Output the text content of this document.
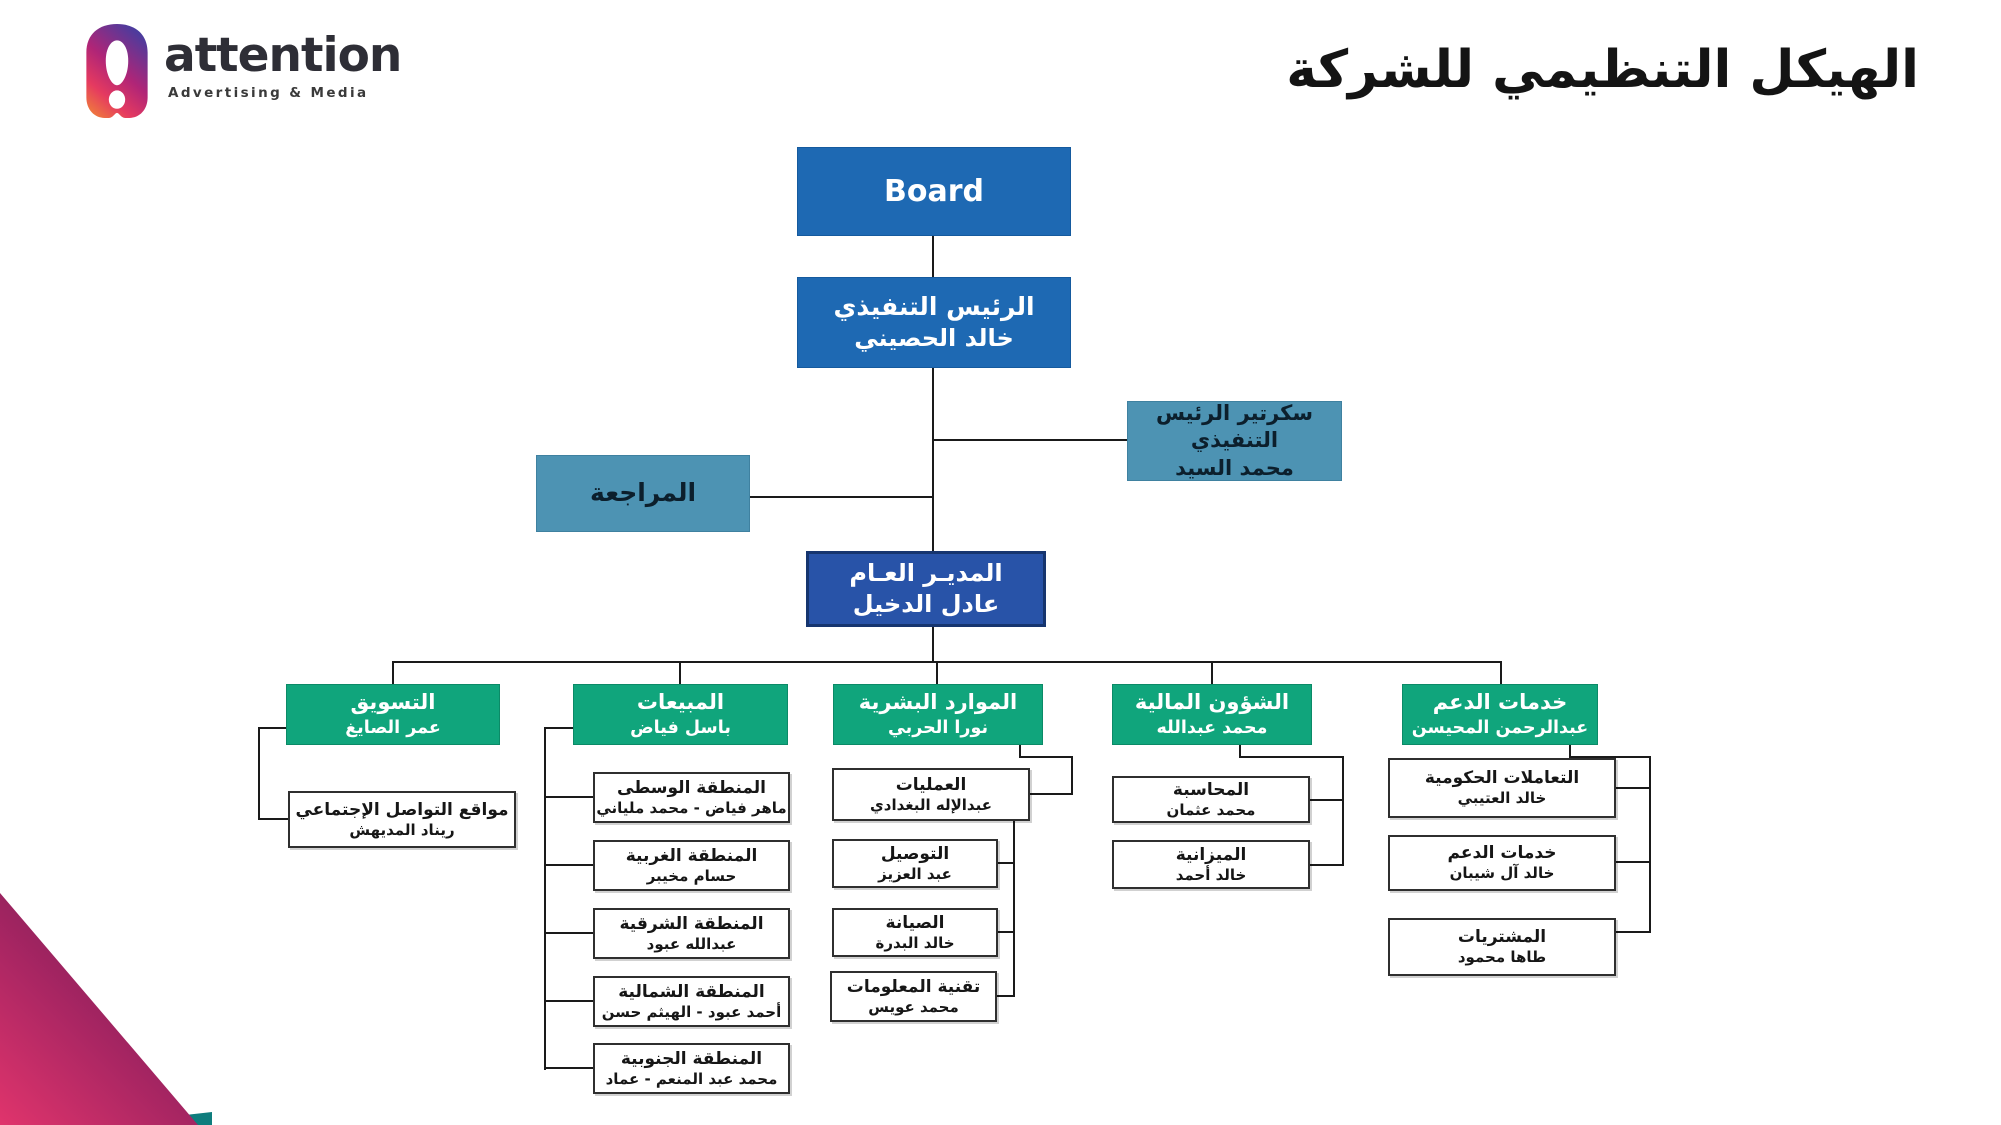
attention
Advertising & Media	الهيكل التنظيمي للشركة
Board
الرئيس التنفيذي
خالد الحصيني
سكرتير الرئيس التنفيذي
محمد السيد
المراجعة
المديـر العـام
عادل الدخيل
التسويق
عمر الصايغ
المبيعات
باسل فياض
الموارد البشرية
نورا الحربي
الشؤون المالية
محمد عبدالله
خدمات الدعم
عبدالرحمن المحيسن
مواقع التواصل الإجتماعي
ريناد المديهش
المنطقة الوسطى
ماهر فياض - محمد ملياني
المنطقة الغربية
حسام مخيبر
المنطقة الشرقية
عبدالله عبود
المنطقة الشمالية
أحمد عبود - الهيثم حسن
المنطقة الجنوبية
محمد عبد المنعم - عماد
العمليات
عبدالإله البغدادي
التوصيل
عبد العزيز
الصيانة
خالد البدرة
تقنية المعلومات
محمد عويس
المحاسبة
محمد عثمان
الميزانية
خالد أحمد
التعاملات الحكومية
خالد العتيبي
خدمات الدعم
خالد آل شيبان
المشتريات
طاها محمود
